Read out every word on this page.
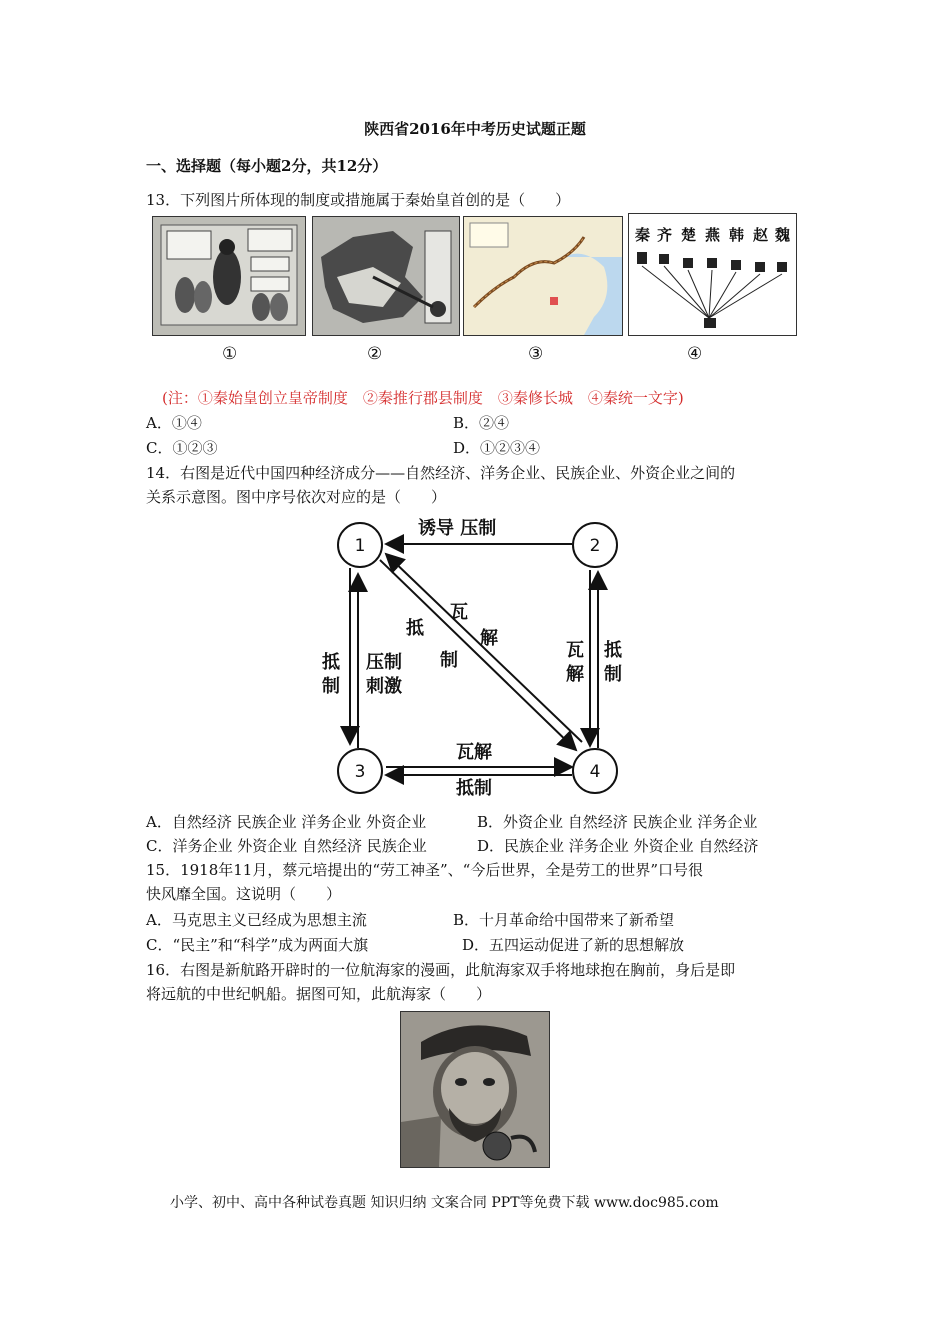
陕西省2016年中考历史试题正题
一、选择题（每小题2分，共12分）
13．下列图片所体现的制度或措施属于秦始皇首创的是（　　）
秦 齐 楚 燕 韩 赵 魏
①	②	③	④
(注：①秦始皇创立皇帝制度　②秦推行郡县制度　③秦修长城　④秦统一文字)
A．①④	B．②④
C．①②③	D．①②③④
14．右图是近代中国四种经济成分——自然经济、洋务企业、民族企业、外资企业之间的
关系示意图。图中序号依次对应的是（　　）
1	2
3	4
诱导 压制
抵
制
压制
刺激
瓦
解
抵
制	瓦
解
抵
制
瓦解
抵制
A．自然经济 民族企业 洋务企业 外资企业	B．外资企业 自然经济 民族企业 洋务企业
C．洋务企业 外资企业 自然经济 民族企业	D．民族企业 洋务企业 外资企业 自然经济
15．1918年11月，蔡元培提出的“劳工神圣”、“今后世界，全是劳工的世界”口号很
快风靡全国。这说明（　　）
A．马克思主义已经成为思想主流	B．十月革命给中国带来了新希望
C．“民主”和“科学”成为两面大旗	D．五四运动促进了新的思想解放
16．右图是新航路开辟时的一位航海家的漫画，此航海家双手将地球抱在胸前，身后是即
将远航的中世纪帆船。据图可知，此航海家（　　）
小学、初中、高中各种试卷真题 知识归纳 文案合同 PPT等免费下载 www.doc985.com
